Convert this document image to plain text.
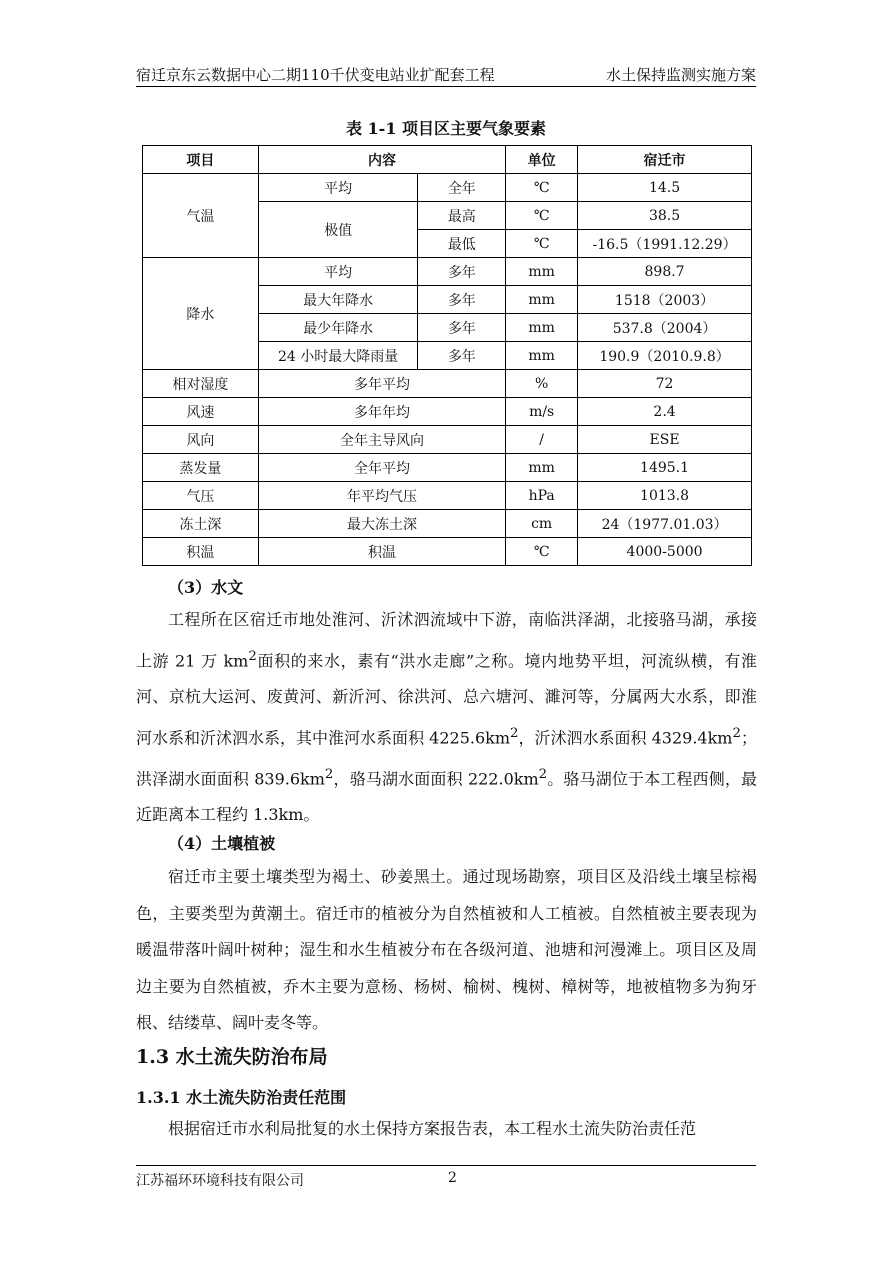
宿迁京东云数据中心二期110千伏变电站业扩配套工程	水土保持监测实施方案
表 1-1 项目区主要气象要素
项目	内容		单位	宿迁市
气温	平均	全年	℃	14.5
	极值	最高	℃	38.5
		最低	℃	-16.5（1991.12.29）
降水	平均	多年	mm	898.7
	最大年降水	多年	mm	1518（2003）
	最少年降水	多年	mm	537.8（2004）
	24 小时最大降雨量	多年	mm	190.9（2010.9.8）
相对湿度	多年平均		%	72
风速	多年年均		m/s	2.4
风向	全年主导风向		/	ESE
蒸发量	全年平均		mm	1495.1
气压	年平均气压		hPa	1013.8
冻土深	最大冻土深		cm	24（1977.01.03）
积温	积温		℃	4000-5000
（3）水文

工程所在区宿迁市地处淮河、沂沭泗流域中下游，南临洪泽湖，北接骆马湖，承接上游 21 万 $km^2$面积的来水，素有“洪水走廊”之称。境内地势平坦，河流纵横，有淮河、京杭大运河、废黄河、新沂河、徐洪河、总六塘河、濉河等，分属两大水系，即淮河水系和沂沭泗水系，其中淮河水系面积 $4225.6km^2$，沂沭泗水系面积 $4329.4km^2$；洪泽湖水面面积 $839.6km^2$，骆马湖水面面积 $222.0km^2$。骆马湖位于本工程西侧，最近距离本工程约 1.3km。

（4）土壤植被

宿迁市主要土壤类型为褐土、砂姜黑土。通过现场勘察，项目区及沿线土壤呈棕褐色，主要类型为黄潮土。宿迁市的植被分为自然植被和人工植被。自然植被主要表现为暖温带落叶阔叶树种；湿生和水生植被分布在各级河道、池塘和河漫滩上。项目区及周边主要为自然植被，乔木主要为意杨、杨树、榆树、槐树、樟树等，地被植物多为狗牙根、结缕草、阔叶麦冬等。

1.3 水土流失防治布局
1.3.1 水土流失防治责任范围

根据宿迁市水利局批复的水土保持方案报告表，本工程水土流失防治责任范

江苏福环环境科技有限公司	2
